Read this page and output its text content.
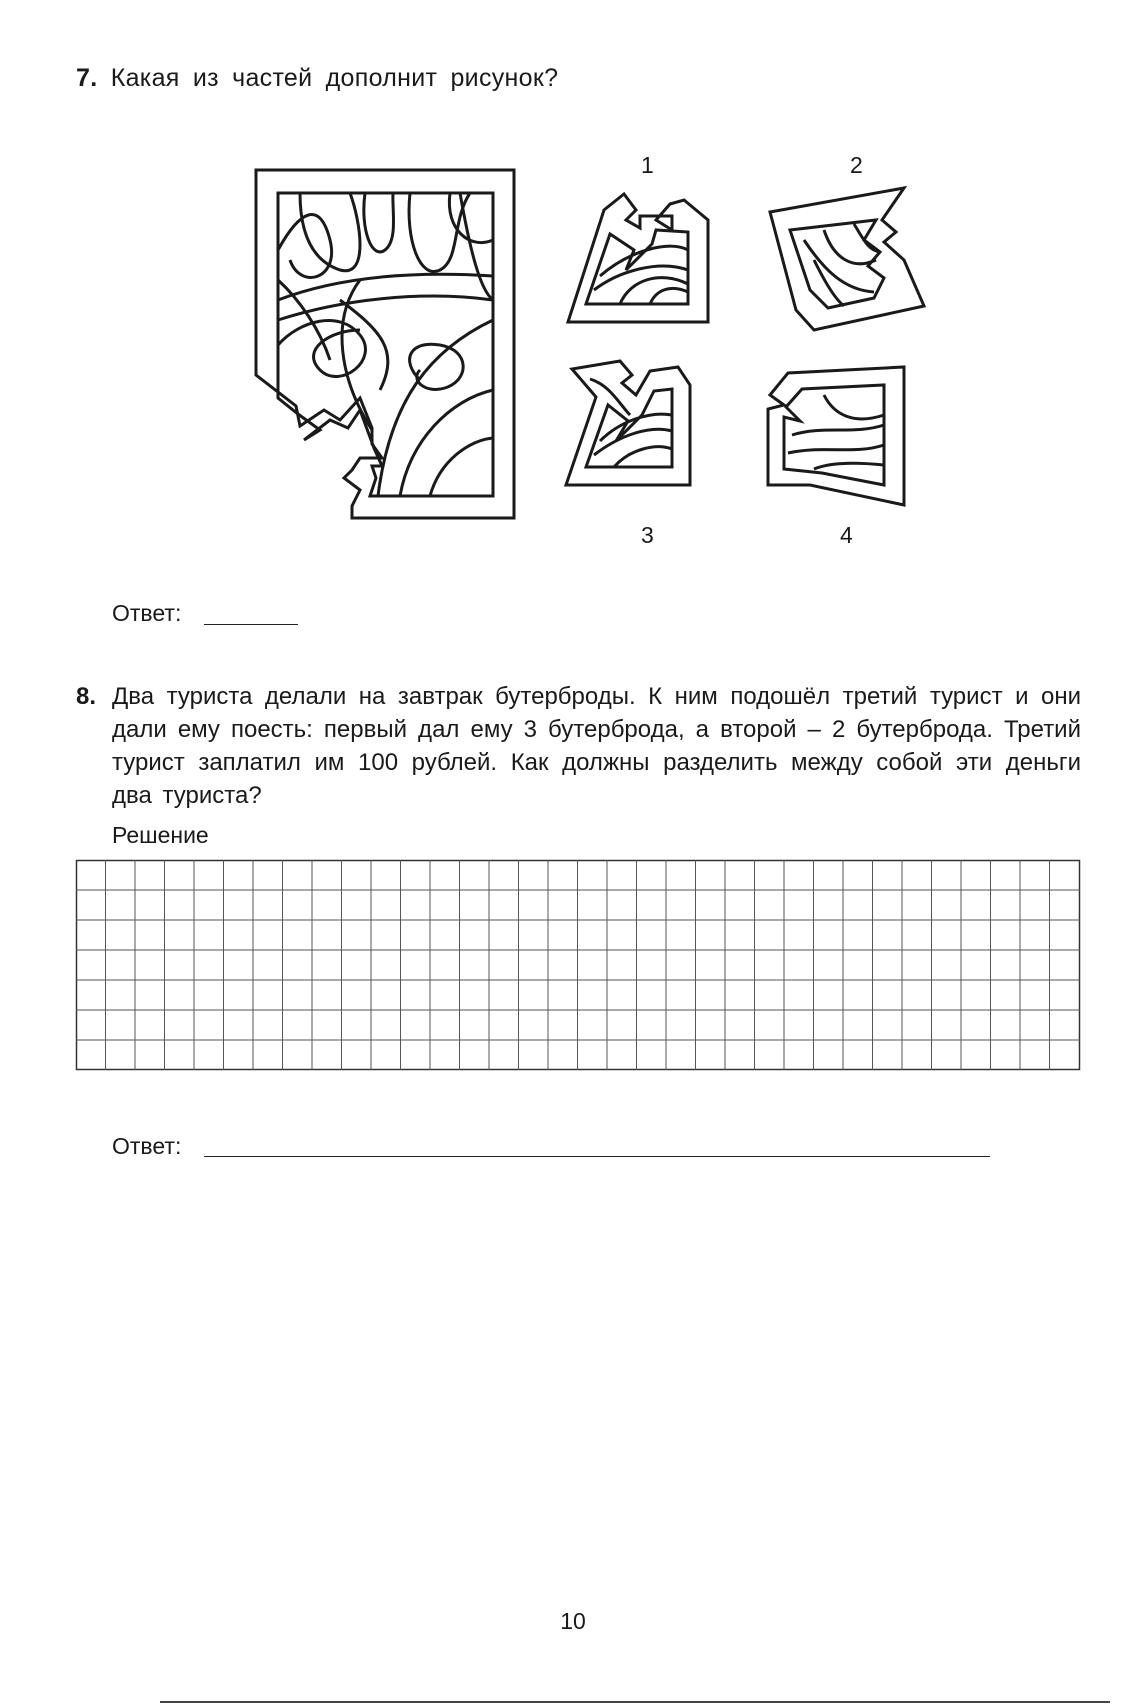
7. Какая из частей дополнит рисунок?
1	2
3	4
Ответ:
8. Два туриста делали на завтрак бутерброды. К ним подошёл третий турист и они дали ему поесть: первый дал ему 3 бутерброда, а второй – 2 бутерброда. Третий турист заплатил им 100 рублей. Как должны разделить между собой эти деньги два туриста?
Решение
Ответ:
10
